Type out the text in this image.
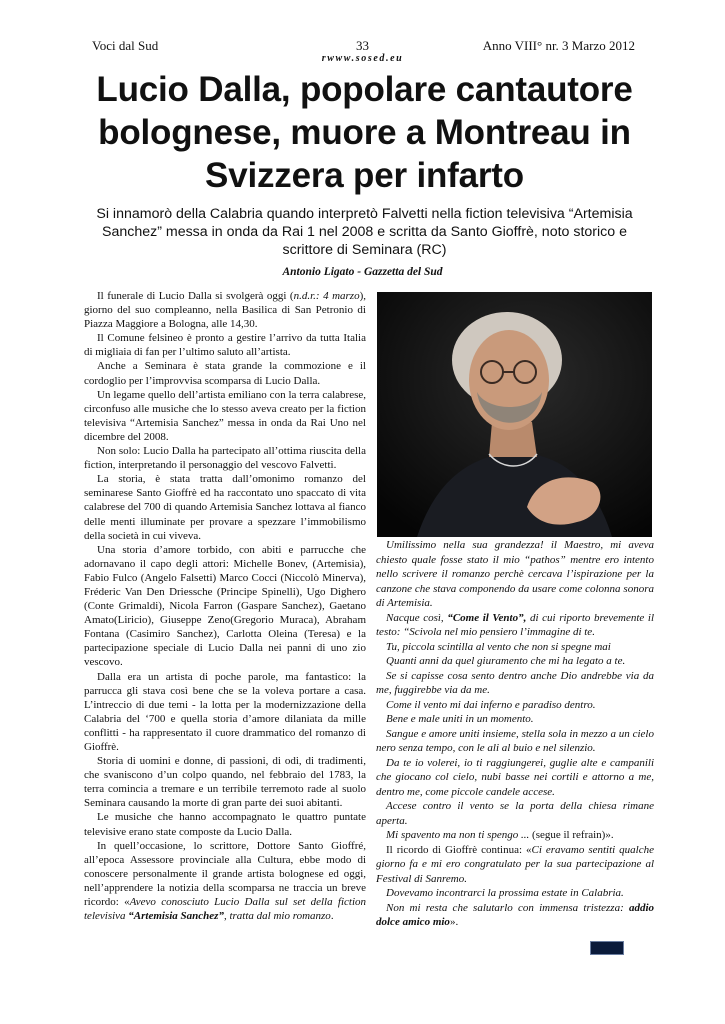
Voci dal Sud	33	Anno VIII° nr. 3 Marzo 2012
rwww.sosed.eu
Lucio Dalla, popolare cantautore bolognese, muore a Montreau in Svizzera per infarto
Si innamorò della Calabria quando interpretò Falvetti nella fiction televisiva “Artemisia Sanchez” messa in onda da Rai 1 nel 2008 e scritta da Santo Gioffrè, noto storico e scrittore di Seminara (RC)
Antonio Ligato - Gazzetta del Sud

Il funerale di Lucio Dalla si svolgerà oggi (n.d.r.: 4 marzo), giorno del suo compleanno, nella Basilica di San Petronio di Piazza Maggiore a Bologna, alle 14,30.

Il Comune felsineo è pronto a gestire l’arrivo da tutta Italia di migliaia di fan per l’ultimo saluto all’artista.

Anche a Seminara è stata grande la commozione e il cordoglio per l’improvvisa scomparsa di Lucio Dalla.

Un legame quello dell’artista emiliano con la terra calabrese, circonfuso alle musiche che lo stesso aveva creato per la fiction televisiva “Artemisia Sanchez” messa in onda da Rai Uno nel dicembre del 2008.

Non solo: Lucio Dalla ha partecipato all’ottima riuscita della fiction, interpretando il personaggio del vescovo Falvetti.

La storia, è stata tratta dall’omonimo romanzo del seminarese Santo Gioffrè ed ha raccontato uno spaccato di vita calabrese del 700 di quando Artemisia Sanchez lottava al fianco delle menti illuminate per provare a spezzare l’immobilismo della società in cui viveva.

Una storia d’amore torbido, con abiti e parrucche che adornavano il capo degli attori: Michelle Bonev, (Artemisia), Fabio Fulco (Angelo Falsetti) Marco Cocci (Niccolò Minerva), Fréderic Van Den Driessche (Principe Spinelli), Ugo Dighero (Conte Grimaldi), Nicola Farron (Gaspare Sanchez), Gaetano Amato(Liricio), Giuseppe Zeno(Gregorio Muraca), Abraham Fontana (Casimiro Sanchez), Carlotta Oleina (Teresa) e la partecipazione speciale di Lucio Dalla nei panni di uno zio vescovo.

Dalla era un artista di poche parole, ma fantastico: la parrucca gli stava così bene che se la voleva portare a casa. L’intreccio di due temi - la lotta per la modernizzazione della Calabria del ‘700 e quella storia d’amore dilaniata da mille conflitti - ha rappresentato il cuore drammatico del romanzo di Gioffrè.

Storia di uomini e donne, di passioni, di odi, di tradimenti, che svaniscono d’un colpo quando, nel febbraio del 1783, la terra comincia a tremare e un terribile terremoto rade al suolo Seminara causando la morte di gran parte dei suoi abitanti.

Le musiche che hanno accompagnato le quattro puntate televisive erano state composte da Lucio Dalla.

In quell’occasione, lo scrittore, Dottore Santo Gioffré, all’epoca Assessore provinciale alla Cultura, ebbe modo di conoscere personalmente il grande artista bolognese ed oggi, nell’apprendere la notizia della scomparsa ne traccia un breve ricordo: «Avevo conosciuto Lucio Dalla sul set della fiction televisiva “Artemisia Sanchez”, tratta dal mio romanzo.

Umilissimo nella sua grandezza! il Maestro, mi aveva chiesto quale fosse stato il mio “pathos” mentre ero intento nello scrivere il romanzo perchè cercava l’ispirazione per la canzone che stava componendo da usare come colonna sonora di Artemisia.

Nacque così, “Come il Vento”, di cui riporto brevemente il testo: “Scivola nel mio pensiero l’immagine di te.

Tu, piccola scintilla al vento che non si spegne mai

Quanti anni da quel giuramento che mi ha legato a te.

Se si capisse cosa sento dentro anche Dio andrebbe via da me, fuggirebbe via da me.

Come il vento mi dai inferno e paradiso dentro.

Bene e male uniti in un momento.

Sangue e amore uniti insieme, stella sola in mezzo a un cielo nero senza tempo, con le ali al buio e nel silenzio.

Da te io volerei, io ti raggiungerei, guglie alte e campanili che giocano col cielo, nubi basse nei cortili e attorno a me, dentro me, come piccole candele accese.

Accese contro il vento se la porta della chiesa rimane aperta.

Mi spavento ma non ti spengo ... (segue il refrain)».

Il ricordo di Gioffrè continua: «Ci eravamo sentiti qualche giorno fa e mi ero congratulato per la sua partecipazione al Festival di Sanremo.

Dovevamo incontrarci la prossima estate in Calabria.

Non mi resta che salutarlo con immensa tristezza: addio dolce amico mio».
